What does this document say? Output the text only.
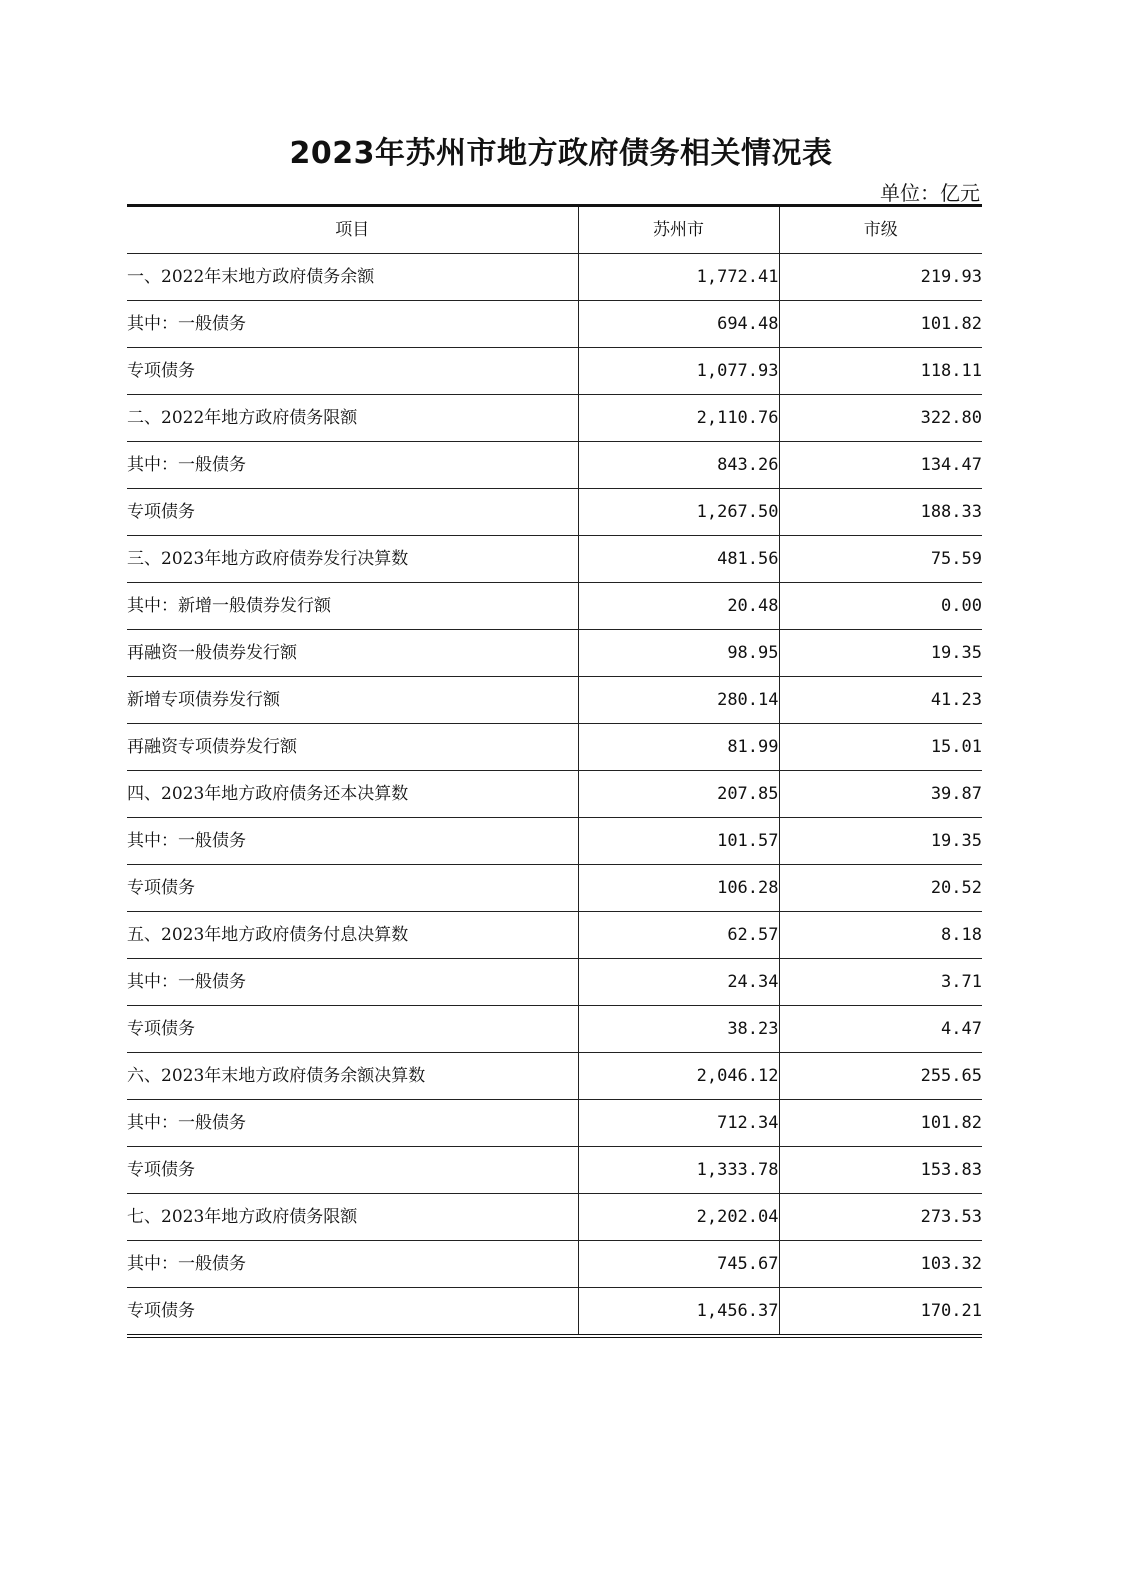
2023年苏州市地方政府债务相关情况表
单位：亿元
项目	苏州市	市级
一、2022年末地方政府债务余额	1,772.41	219.93
其中：一般债务	694.48	101.82
专项债务	1,077.93	118.11
二、2022年地方政府债务限额	2,110.76	322.80
其中：一般债务	843.26	134.47
专项债务	1,267.50	188.33
三、2023年地方政府债券发行决算数	481.56	75.59
其中：新增一般债券发行额	20.48	0.00
再融资一般债券发行额	98.95	19.35
新增专项债券发行额	280.14	41.23
再融资专项债券发行额	81.99	15.01
四、2023年地方政府债务还本决算数	207.85	39.87
其中：一般债务	101.57	19.35
专项债务	106.28	20.52
五、2023年地方政府债务付息决算数	62.57	8.18
其中：一般债务	24.34	3.71
专项债务	38.23	4.47
六、2023年末地方政府债务余额决算数	2,046.12	255.65
其中：一般债务	712.34	101.82
专项债务	1,333.78	153.83
七、2023年地方政府债务限额	2,202.04	273.53
其中：一般债务	745.67	103.32
专项债务	1,456.37	170.21
